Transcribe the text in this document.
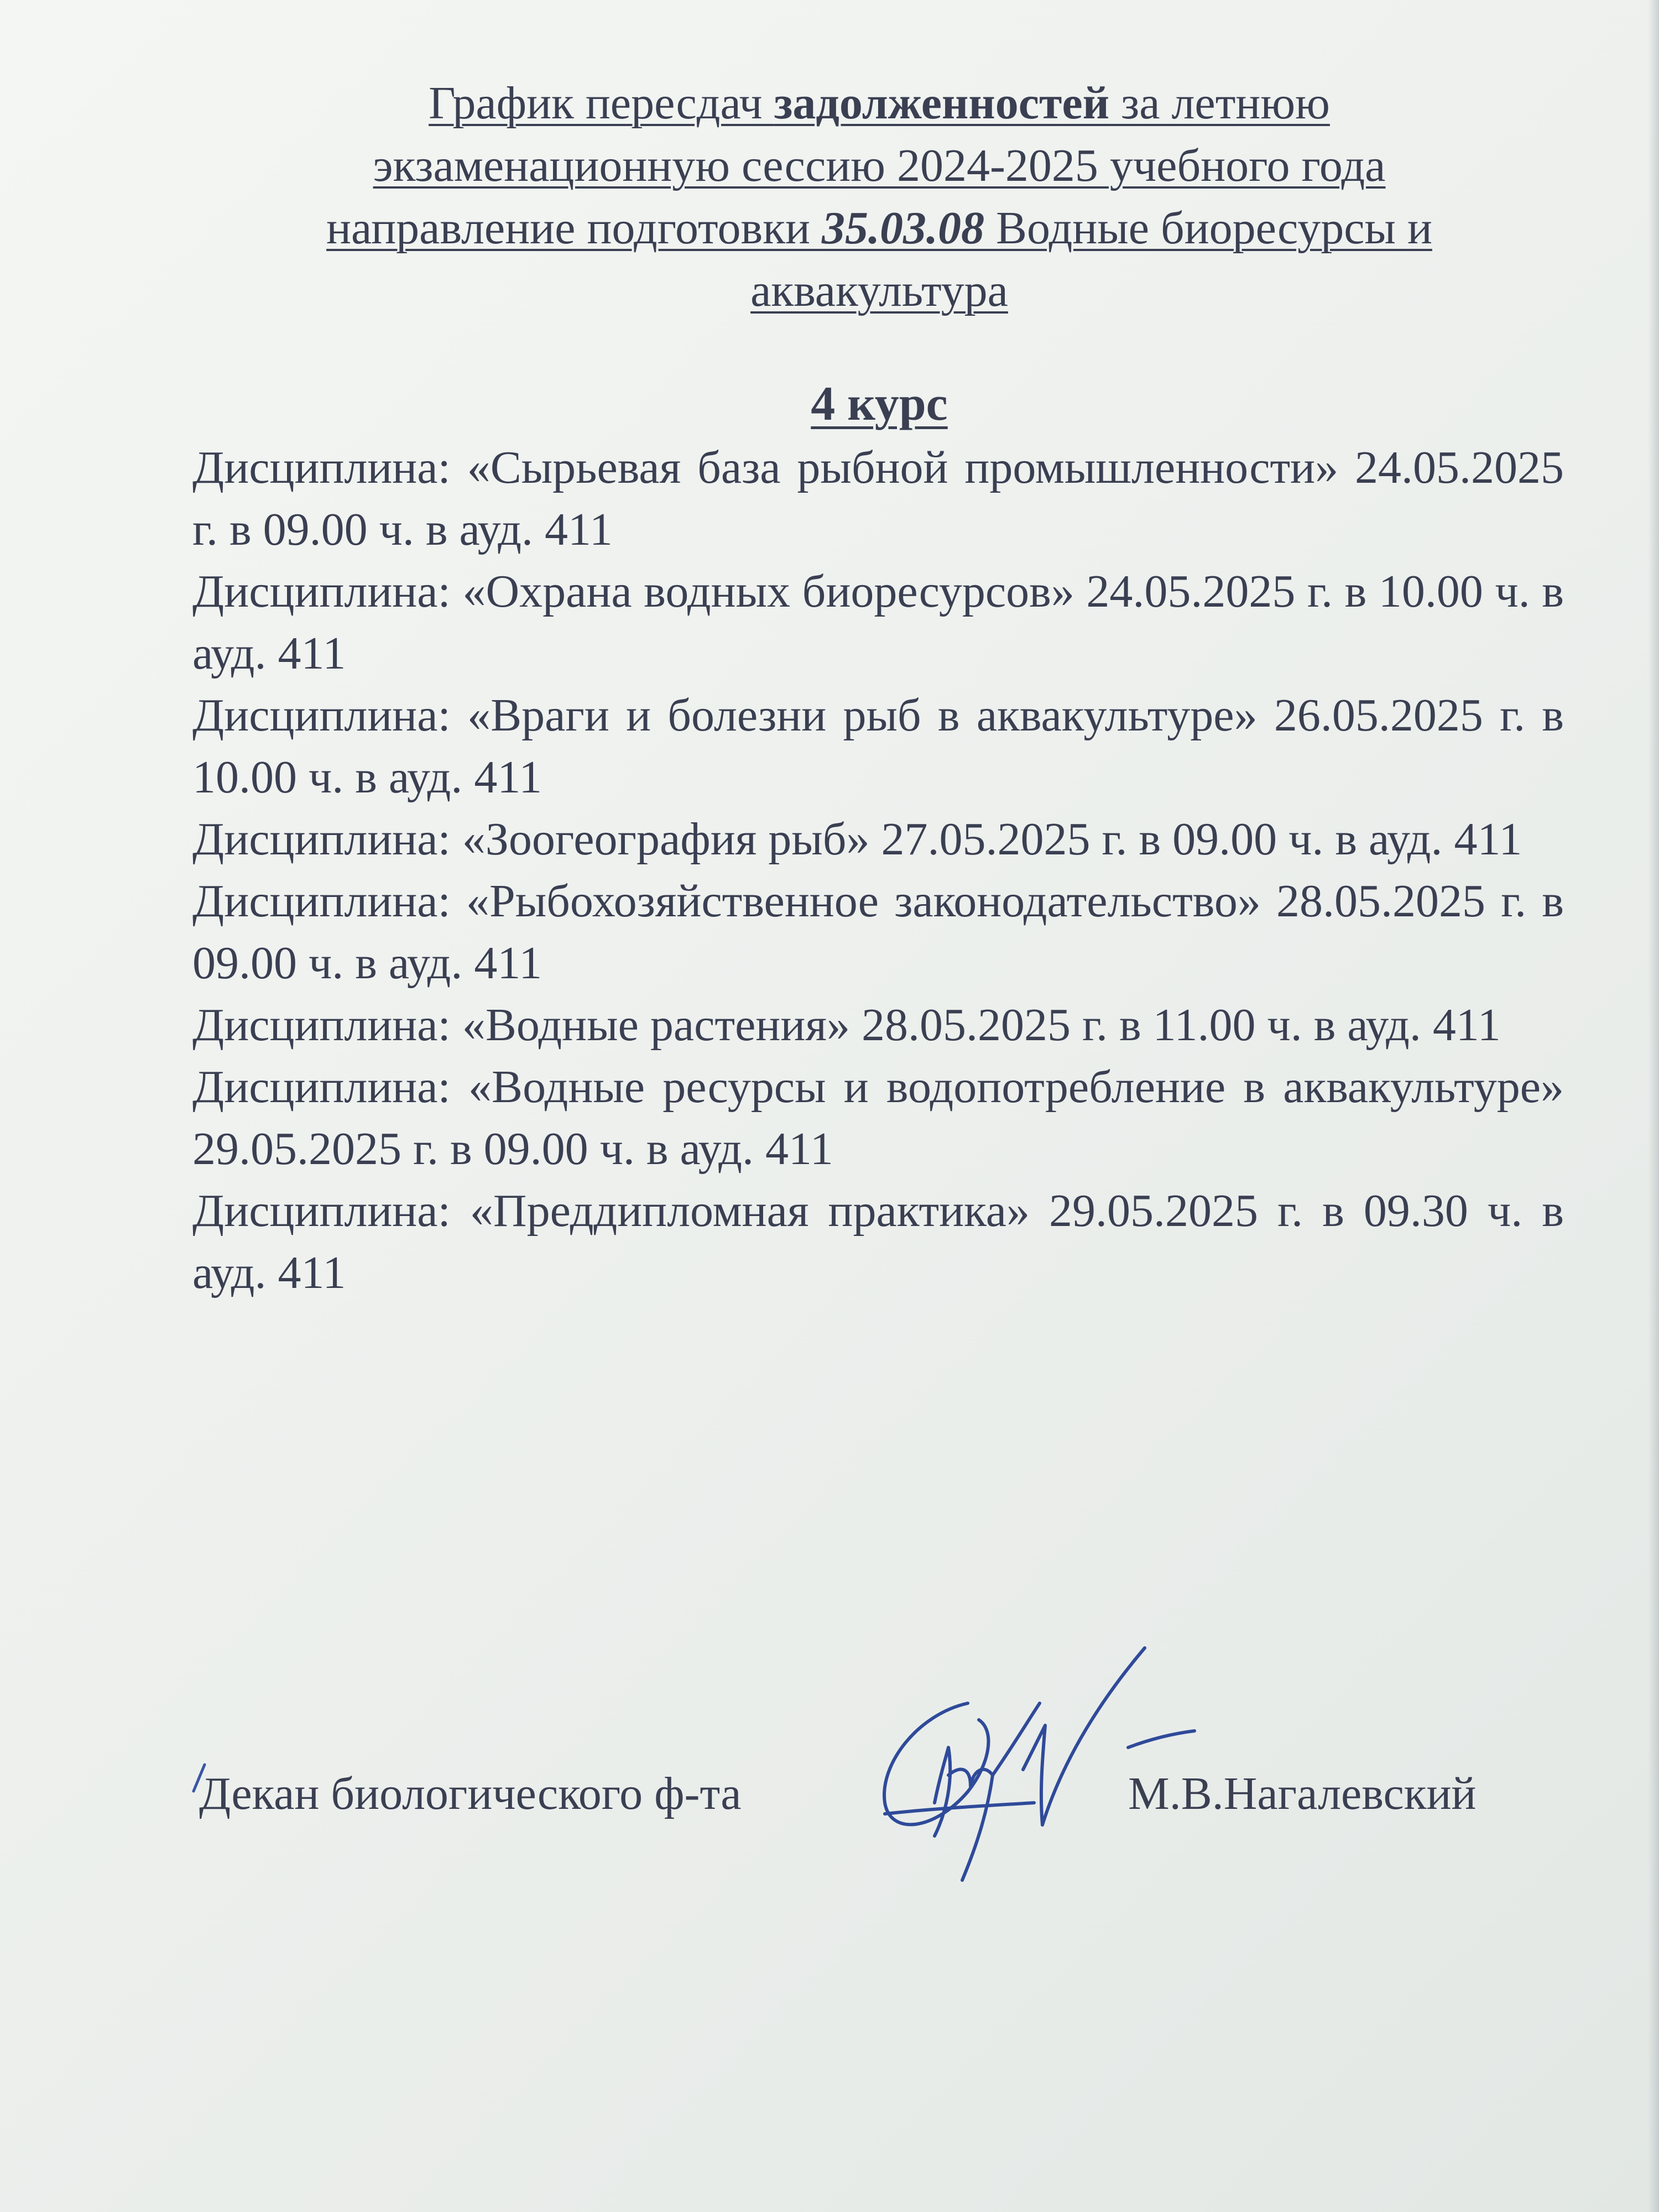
График пересдач задолженностей за летнюю
экзаменационную сессию 2024-2025 учебного года
направление подготовки 35.03.08 Водные биоресурсы и
аквакультура
4 курс
Дисциплина: «Сырьевая база рыбной промышленности» 24.05.2025 г. в 09.00 ч. в ауд. 411
Дисциплина: «Охрана водных биоресурсов» 24.05.2025 г. в 10.00 ч. в ауд. 411
Дисциплина: «Враги и болезни рыб в аквакультуре» 26.05.2025 г. в 10.00 ч. в ауд. 411
Дисциплина: «Зоогеография рыб» 27.05.2025 г. в 09.00 ч. в ауд. 411
Дисциплина: «Рыбохозяйственное законодательство» 28.05.2025 г. в 09.00 ч. в ауд. 411
Дисциплина: «Водные растения» 28.05.2025 г. в 11.00 ч. в ауд. 411
Дисциплина: «Водные ресурсы и водопотребление в аквакультуре» 29.05.2025 г. в 09.00 ч. в ауд. 411
Дисциплина: «Преддипломная практика» 29.05.2025 г. в 09.30 ч. в ауд. 411
Декан биологического ф-та	М.В.Нагалевский
